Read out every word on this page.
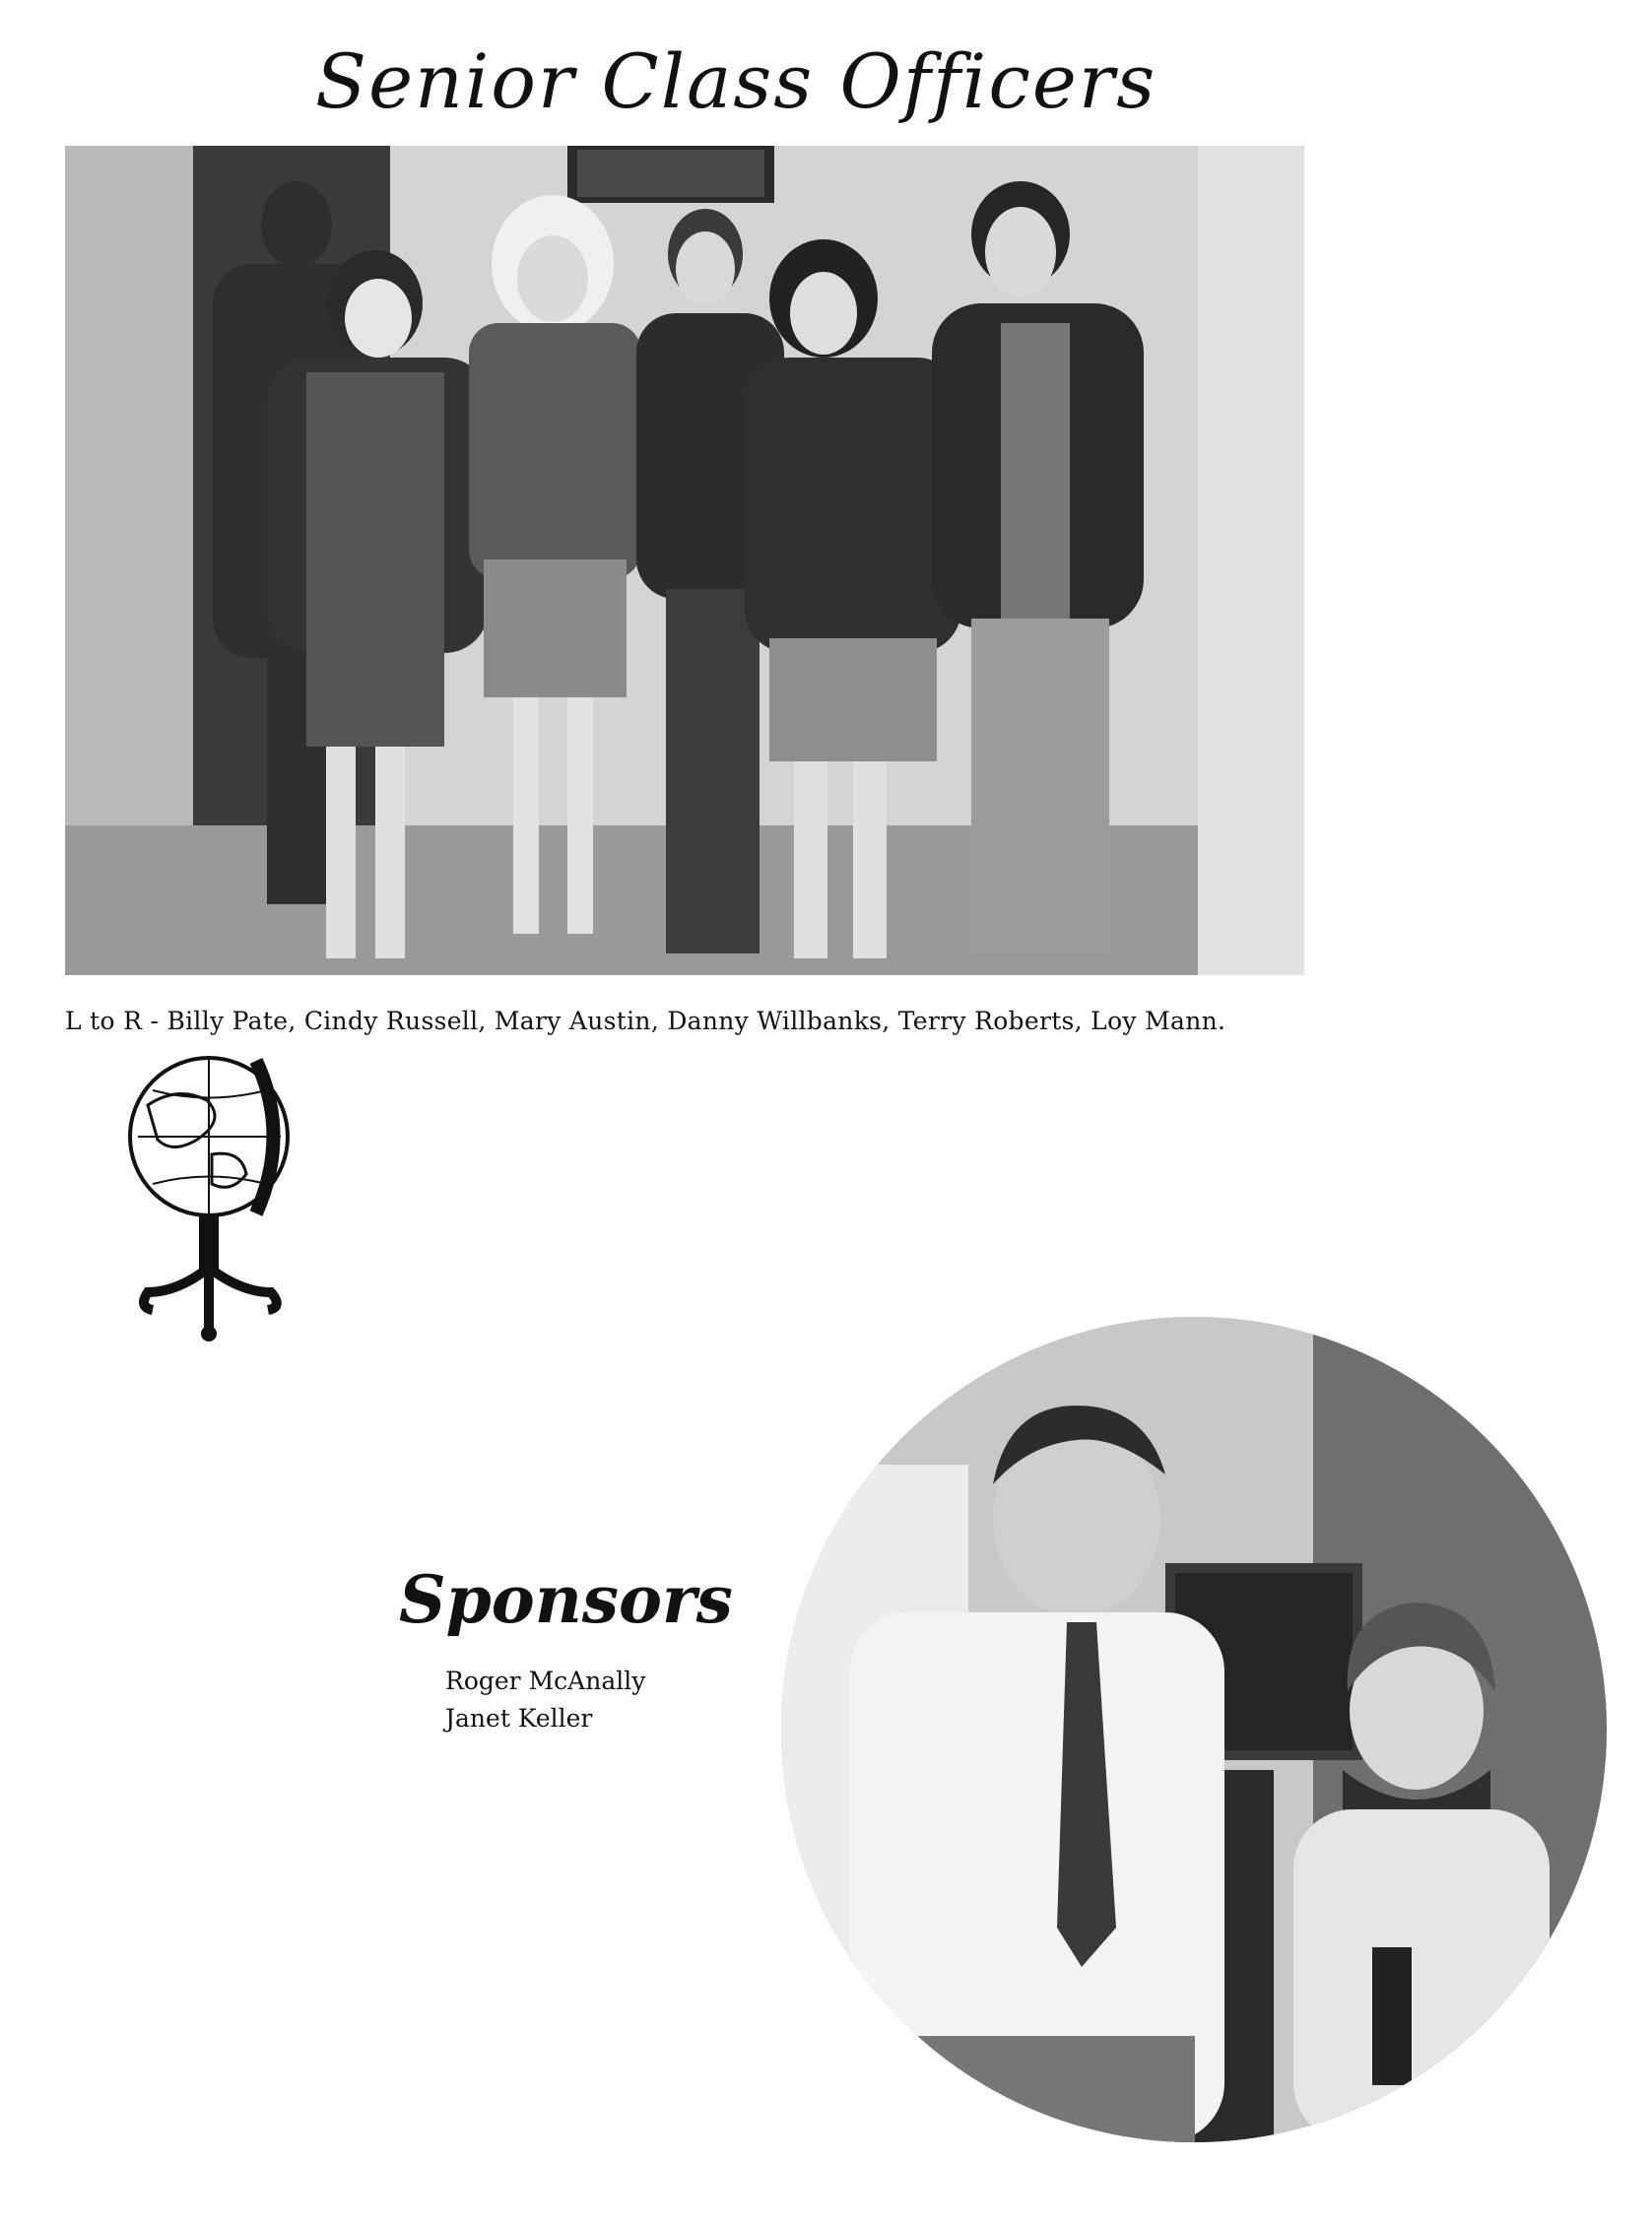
Senior Class Officers
L to R - Billy Pate, Cindy Russell, Mary Austin, Danny Willbanks, Terry Roberts, Loy Mann.
Sponsors
Roger McAnally
Janet Keller
